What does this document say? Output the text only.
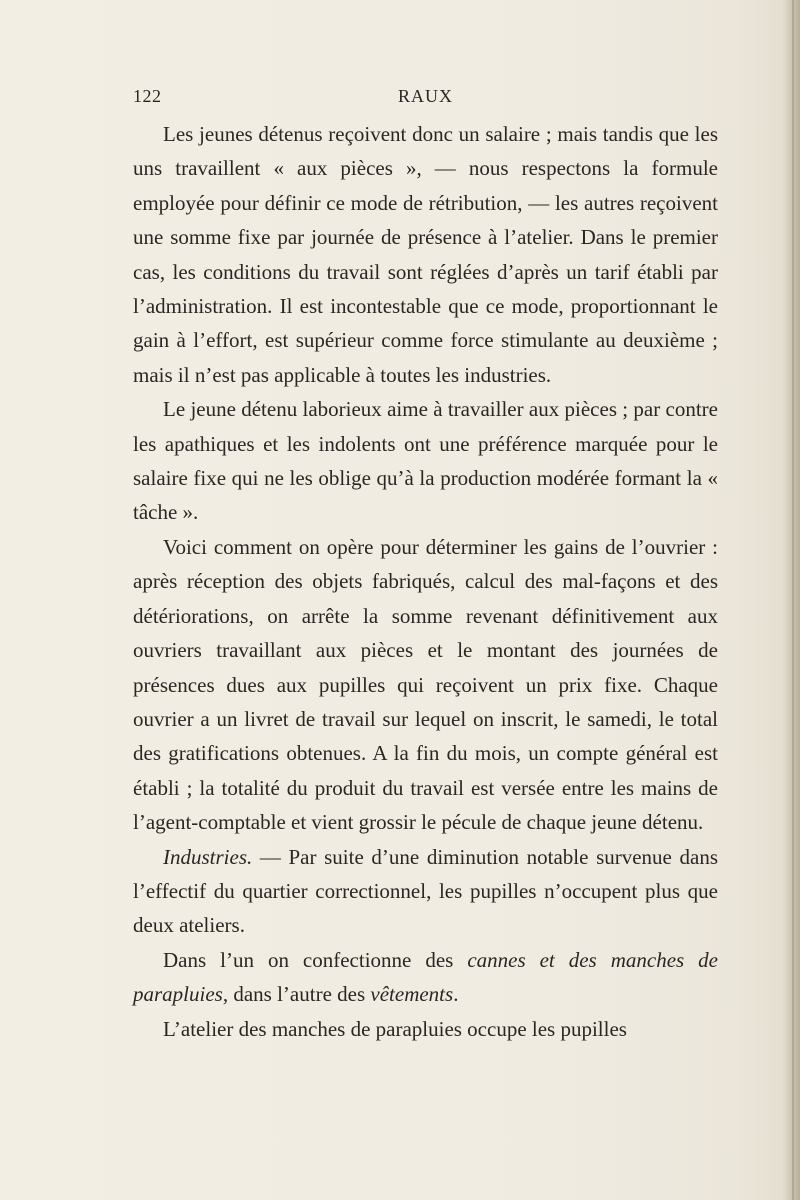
122	RAUX

Les jeunes détenus reçoivent donc un salaire ; mais tandis que les uns travaillent « aux pièces », — nous respectons la formule employée pour définir ce mode de rétribution, — les autres reçoivent une somme fixe par journée de présence à l’atelier. Dans le premier cas, les conditions du travail sont réglées d’après un tarif établi par l’administration. Il est incontestable que ce mode, proportionnant le gain à l’effort, est supérieur comme force stimulante au deuxième ; mais il n’est pas applicable à toutes les industries.

Le jeune détenu laborieux aime à travailler aux pièces ; par contre les apathiques et les indolents ont une préférence marquée pour le salaire fixe qui ne les oblige qu’à la production modérée formant la « tâche ».

Voici comment on opère pour déterminer les gains de l’ouvrier : après réception des objets fabriqués, calcul des mal-façons et des détériorations, on arrête la somme revenant définitivement aux ouvriers travaillant aux pièces et le montant des journées de présences dues aux pupilles qui reçoivent un prix fixe. Chaque ouvrier a un livret de travail sur lequel on inscrit, le samedi, le total des gratifications obtenues. A la fin du mois, un compte général est établi ; la totalité du produit du travail est versée entre les mains de l’agent-comptable et vient grossir le pécule de chaque jeune détenu.

Industries. — Par suite d’une diminution notable survenue dans l’effectif du quartier correctionnel, les pupilles n’occupent plus que deux ateliers.

Dans l’un on confectionne des cannes et des manches de parapluies, dans l’autre des vêtements.

L’atelier des manches de parapluies occupe les pupilles
